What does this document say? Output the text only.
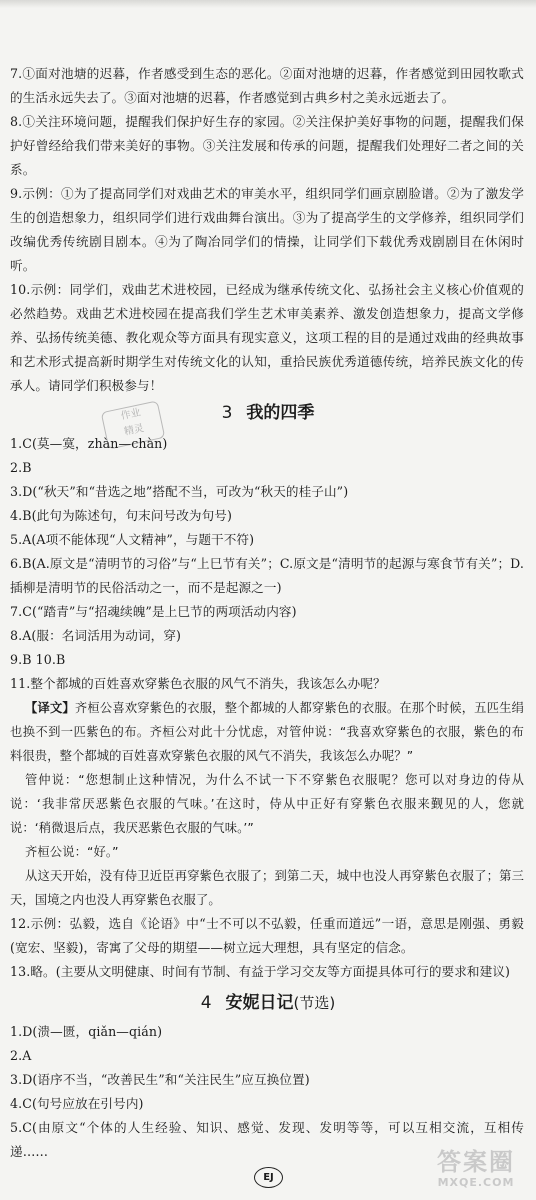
7.①面对池塘的迟暮，作者感受到生态的恶化。②面对池塘的迟暮，作者感觉到田园牧歌式的生活永远失去了。③面对池塘的迟暮，作者感觉到古典乡村之美永远逝去了。
8.①关注环境问题，提醒我们保护好生存的家园。②关注保护美好事物的问题，提醒我们保护好曾经给我们带来美好的事物。③关注发展和传承的问题，提醒我们处理好二者之间的关系。
9.示例：①为了提高同学们对戏曲艺术的审美水平，组织同学们画京剧脸谱。②为了激发学生的创造想象力，组织同学们进行戏曲舞台演出。③为了提高学生的文学修养，组织同学们改编优秀传统剧目剧本。④为了陶冶同学们的情操，让同学们下载优秀戏剧剧目在休闲时听。
10.示例：同学们，戏曲艺术进校园，已经成为继承传统文化、弘扬社会主义核心价值观的必然趋势。戏曲艺术进校园在提高我们学生艺术审美素养、激发创造想象力，提高文学修养、弘扬传统美德、教化观众等方面具有现实意义，这项工程的目的是通过戏曲的经典故事和艺术形式提高新时期学生对传统文化的认知，重拾民族优秀道德传统，培养民族文化的传承人。请同学们积极参与！
3 我的四季
作业
精灵
1.C(莫—寞，zhàn—chàn)
2.B
3.D(“秋天”和“昔选之地”搭配不当，可改为“秋天的桂子山”)
4.B(此句为陈述句，句末问号改为句号)
5.A(A项不能体现“人文精神”，与题干不符)
6.B(A.原文是“清明节的习俗”与“上巳节有关”；C.原文是“清明节的起源与寒食节有关”；D.插柳是清明节的民俗活动之一，而不是起源之一)
7.C(“踏青”与“招魂续魄”是上巳节的两项活动内容)
8.A(服：名词活用为动词，穿)
9.B 10.B
11.整个都城的百姓喜欢穿紫色衣服的风气不消失，我该怎么办呢？
【译文】齐桓公喜欢穿紫色的衣服，整个都城的人都穿紫色的衣服。在那个时候，五匹生绢也换不到一匹紫色的布。齐桓公对此十分忧虑，对管仲说：“我喜欢穿紫色的衣服，紫色的布料很贵，整个都城的百姓喜欢穿紫色衣服的风气不消失，我该怎么办呢？”
管仲说：“您想制止这种情况，为什么不试一下不穿紫色衣服呢？您可以对身边的侍从说：‘我非常厌恶紫色衣服的气味。’在这时，侍从中正好有穿紫色衣服来觐见的人，您就说：‘稍微退后点，我厌恶紫色衣服的气味。’”
齐桓公说：“好。”
从这天开始，没有侍卫近臣再穿紫色衣服了；到第二天，城中也没人再穿紫色衣服了；第三天，国境之内也没人再穿紫色衣服了。
12.示例：弘毅，选自《论语》中“士不可以不弘毅，任重而道远”一语，意思是刚强、勇毅(宽宏、坚毅)，寄寓了父母的期望——树立远大理想，具有坚定的信念。
13.略。(主要从文明健康、时间有节制、有益于学习交友等方面提具体可行的要求和建议)
4 安妮日记(节选)
1.D(溃—匮，qiǎn—qián)
2.A
3.D(语序不当，“改善民生”和“关注民生”应互换位置)
4.C(句号应放在引号内)
5.C(由原文“个体的人生经验、知识、感觉、发现、发明等等，可以互相交流，互相传递……
EJ
答案圈
MXQE.COM
